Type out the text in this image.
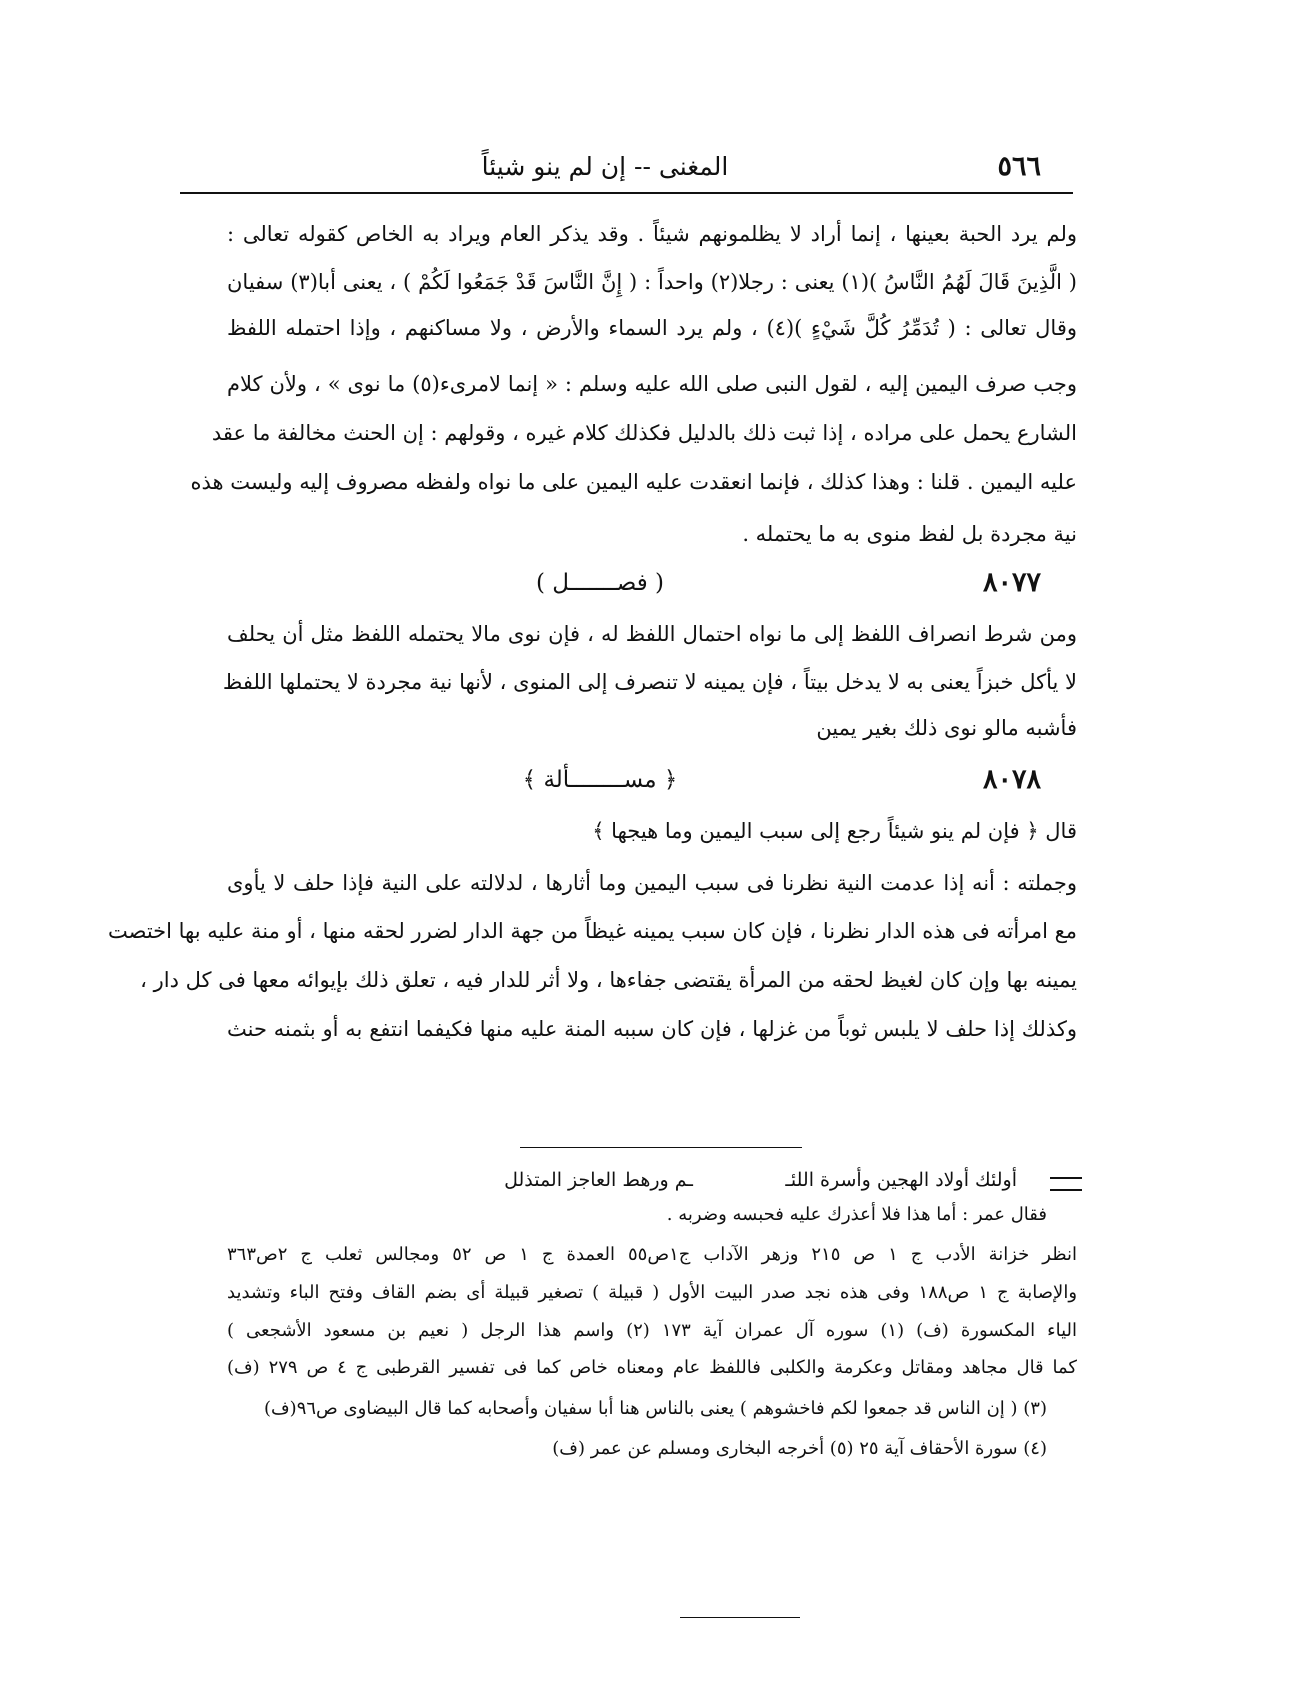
المغنى -- إن لم ينو شيئاً	٥٦٦
ولم يرد الحبة بعينها ، إنما أراد لا يظلمونهم شيئاً . وقد يذكر العام ويراد به الخاص كقوله تعالى :
( الَّذِينَ قَالَ لَهُمُ النَّاسُ )(١) يعنى : رجلا(٢) واحداً : ( إِنَّ النَّاسَ قَدْ جَمَعُوا لَكُمْ ) ، يعنى أبا(٣) سفيان
وقال تعالى : ( تُدَمِّرُ كُلَّ شَيْءٍ )(٤) ، ولم يرد السماء والأرض ، ولا مساكنهم ، وإذا احتمله اللفظ
وجب صرف اليمين إليه ، لقول النبى صلى الله عليه وسلم : « إنما لامرىء(٥) ما نوى » ، ولأن كلام
الشارع يحمل على مراده ، إذا ثبت ذلك بالدليل فكذلك كلام غيره ، وقولهم : إن الحنث مخالفة ما عقد
عليه اليمين . قلنا : وهذا كذلك ، فإنما انعقدت عليه اليمين على ما نواه ولفظه مصروف إليه وليست هذه
نية مجردة بل لفظ منوى به ما يحتمله .
٨٠٧٧
( فصـــــــل )
ومن شرط انصراف اللفظ إلى ما نواه احتمال اللفظ له ، فإن نوى مالا يحتمله اللفظ مثل أن يحلف
لا يأكل خبزاً يعنى به لا يدخل بيتاً ، فإن يمينه لا تنصرف إلى المنوى ، لأنها نية مجردة لا يحتملها اللفظ
فأشبه مالو نوى ذلك بغير يمين
٨٠٧٨
﴿ مســــــــألة ﴾
قال ﴿ فإن لم ينو شيئاً رجع إلى سبب اليمين وما هيجها ﴾
وجملته : أنه إذا عدمت النية نظرنا فى سبب اليمين وما أثارها ، لدلالته على النية فإذا حلف لا يأوى
مع امرأته فى هذه الدار نظرنا ، فإن كان سبب يمينه غيظاً من جهة الدار لضرر لحقه منها ، أو منة عليه بها اختصت
يمينه بها وإن كان لغيظ لحقه من المرأة يقتضى جفاءها ، ولا أثر للدار فيه ، تعلق ذلك بإيوائه معها فى كل دار ،
وكذلك إذا حلف لا يلبس ثوباً من غزلها ، فإن كان سببه المنة عليه منها فكيفما انتفع به أو بثمنه حنث
أولئك أولاد الهجين وأسرة اللئـ
ـم ورهط العاجز المتذلل
فقال عمر : أما هذا فلا أعذرك عليه فحبسه وضربه .
انظر خزانة الأدب ج ١ ص ٢١٥ وزهر الآداب ج١ص٥٥ العمدة ج ١ ص ٥٢ ومجالس ثعلب ج ٢ص٣٦٣
والإصابة ج ١ ص١٨٨ وفى هذه نجد صدر البيت الأول ( قبيلة ) تصغير قبيلة أى بضم القاف وفتح الباء وتشديد
الياء المكسورة (ف) (١) سوره آل عمران آية ١٧٣ (٢) واسم هذا الرجل ( نعيم بن مسعود الأشجعى )
كما قال مجاهد ومقاتل وعكرمة والكلبى فاللفظ عام ومعناه خاص كما فى تفسير القرطبى ج ٤ ص ٢٧٩ (ف)
(٣) ( إن الناس قد جمعوا لكم فاخشوهم ) يعنى بالناس هنا أبا سفيان وأصحابه كما قال البيضاوى ص٩٦(ف)
(٤) سورة الأحقاف آية ٢٥ (٥) أخرجه البخارى ومسلم عن عمر (ف)
